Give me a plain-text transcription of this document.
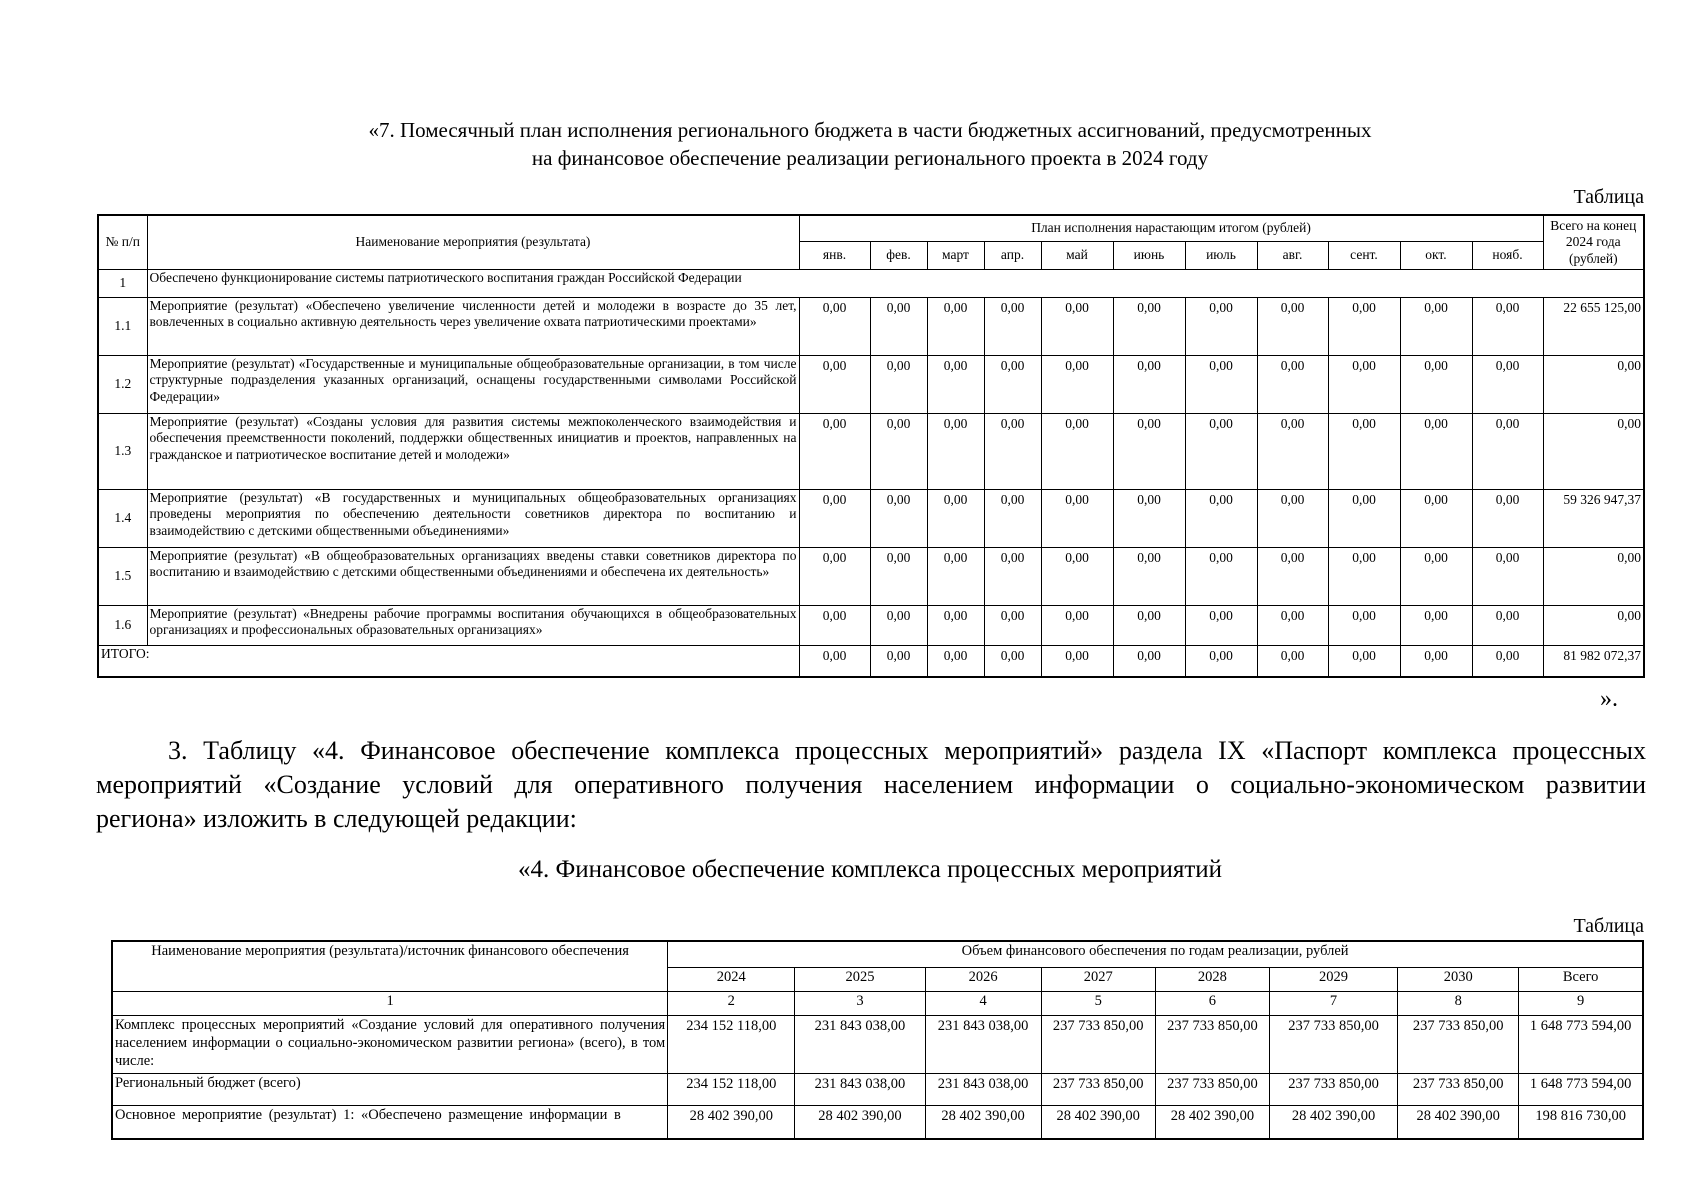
«7. Помесячный план исполнения регионального бюджета в части бюджетных ассигнований, предусмотренных
на финансовое обеспечение реализации регионального проекта в 2024 году
Таблица
№ п/п	Наименование мероприятия (результата)	План исполнения нарастающим итогом (рублей)											Всего на конец 2024 года (рублей)
		янв.	фев.	март	апр.	май	июнь	июль	авг.	сент.	окт.	нояб.	
1	Обеспечено функционирование системы патриотического воспитания граждан Российской Федерации												
1.1	Мероприятие (результат) «Обеспечено увеличение численности детей и молодежи в возрасте до 35 лет, вовлеченных в социально активную деятельность через увеличение охвата патриотическими проектами»	0,00	0,00	0,00	0,00	0,00	0,00	0,00	0,00	0,00	0,00	0,00	22 655 125,00
1.2	Мероприятие (результат) «Государственные и муниципальные общеобразовательные организации, в том числе структурные подразделения указанных организаций, оснащены государственными символами Российской Федерации»	0,00	0,00	0,00	0,00	0,00	0,00	0,00	0,00	0,00	0,00	0,00	0,00
1.3	Мероприятие (результат) «Созданы условия для развития системы межпоколенческого взаимодействия и обеспечения преемственности поколений, поддержки общественных инициатив и проектов, направленных на гражданское и патриотическое воспитание детей и молодежи»	0,00	0,00	0,00	0,00	0,00	0,00	0,00	0,00	0,00	0,00	0,00	0,00
1.4	Мероприятие (результат) «В государственных и муниципальных общеобразовательных организациях проведены мероприятия по обеспечению деятельности советников директора по воспитанию и взаимодействию с детскими общественными объединениями»	0,00	0,00	0,00	0,00	0,00	0,00	0,00	0,00	0,00	0,00	0,00	59 326 947,37
1.5	Мероприятие (результат) «В общеобразовательных организациях введены ставки советников директора по воспитанию и взаимодействию с детскими общественными объединениями и обеспечена их деятельность»	0,00	0,00	0,00	0,00	0,00	0,00	0,00	0,00	0,00	0,00	0,00	0,00
1.6	Мероприятие (результат) «Внедрены рабочие программы воспитания обучающихся в общеобразовательных организациях и профессиональных образовательных организациях»	0,00	0,00	0,00	0,00	0,00	0,00	0,00	0,00	0,00	0,00	0,00	0,00
ИТОГО:		0,00	0,00	0,00	0,00	0,00	0,00	0,00	0,00	0,00	0,00	0,00	81 982 072,37
».
3. Таблицу «4. Финансовое обеспечение комплекса процессных мероприятий» раздела IX «Паспорт комплекса процессных
мероприятий «Создание условий для оперативного получения населением информации о социально-экономическом развитии
региона» изложить в следующей редакции:
«4. Финансовое обеспечение комплекса процессных мероприятий
Таблица
Наименование мероприятия (результата)/источник финансового обеспечения	Объем финансового обеспечения по годам реализации, рублей							
	2024	2025	2026	2027	2028	2029	2030	Всего
1	2	3	4	5	6	7	8	9
Комплекс процессных мероприятий «Создание условий для оперативного получения населением информации о социально-экономическом развитии региона» (всего), в том числе:	234 152 118,00	231 843 038,00	231 843 038,00	237 733 850,00	237 733 850,00	237 733 850,00	237 733 850,00	1 648 773 594,00
Региональный бюджет (всего)	234 152 118,00	231 843 038,00	231 843 038,00	237 733 850,00	237 733 850,00	237 733 850,00	237 733 850,00	1 648 773 594,00
Основное мероприятие (результат) 1: «Обеспечено размещение информации в	28 402 390,00	28 402 390,00	28 402 390,00	28 402 390,00	28 402 390,00	28 402 390,00	28 402 390,00	198 816 730,00
